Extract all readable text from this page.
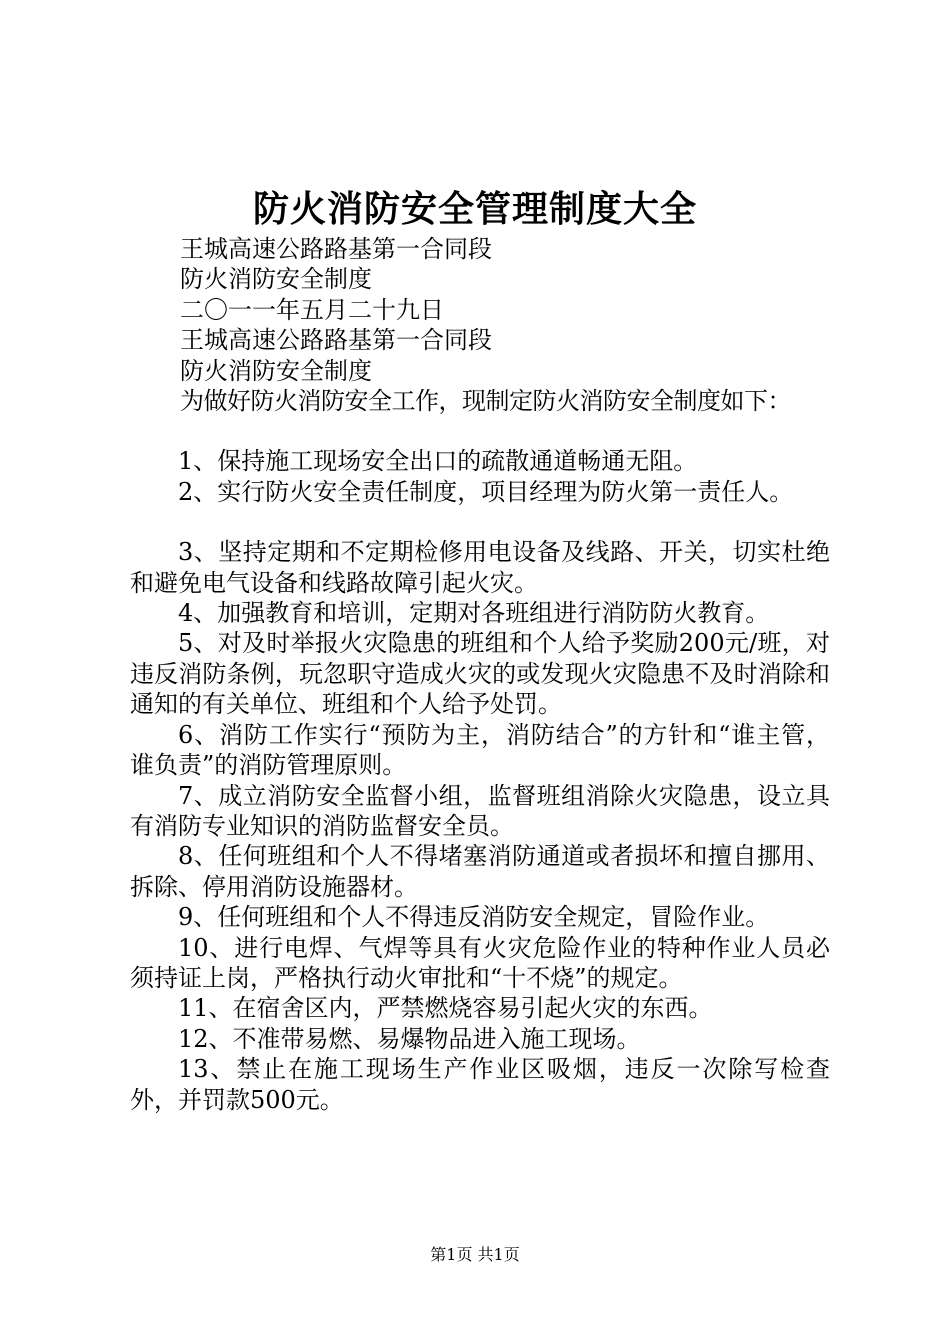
防火消防安全管理制度大全

王城高速公路路基第一合同段

防火消防安全制度

二〇一一年五月二十九日

王城高速公路路基第一合同段

防火消防安全制度

为做好防火消防安全工作，现制定防火消防安全制度如下：

1、保持施工现场安全出口的疏散通道畅通无阻。

2、实行防火安全责任制度，项目经理为防火第一责任人。

3、坚持定期和不定期检修用电设备及线路、开关，切实杜绝和避免电气设备和线路故障引起火灾。

4、加强教育和培训，定期对各班组进行消防防火教育。

5、对及时举报火灾隐患的班组和个人给予奖励200元/班，对违反消防条例，玩忽职守造成火灾的或发现火灾隐患不及时消除和通知的有关单位、班组和个人给予处罚。

6、消防工作实行“预防为主，消防结合”的方针和“谁主管，谁负责”的消防管理原则。

7、成立消防安全监督小组，监督班组消除火灾隐患，设立具有消防专业知识的消防监督安全员。

8、任何班组和个人不得堵塞消防通道或者损坏和擅自挪用、拆除、停用消防设施器材。

9、任何班组和个人不得违反消防安全规定，冒险作业。

10、进行电焊、气焊等具有火灾危险作业的特种作业人员必须持证上岗，严格执行动火审批和“十不烧”的规定。

11、在宿舍区内，严禁燃烧容易引起火灾的东西。

12、不准带易燃、易爆物品进入施工现场。

13、禁止在施工现场生产作业区吸烟，违反一次除写检查外，并罚款500元。

第1页 共1页
